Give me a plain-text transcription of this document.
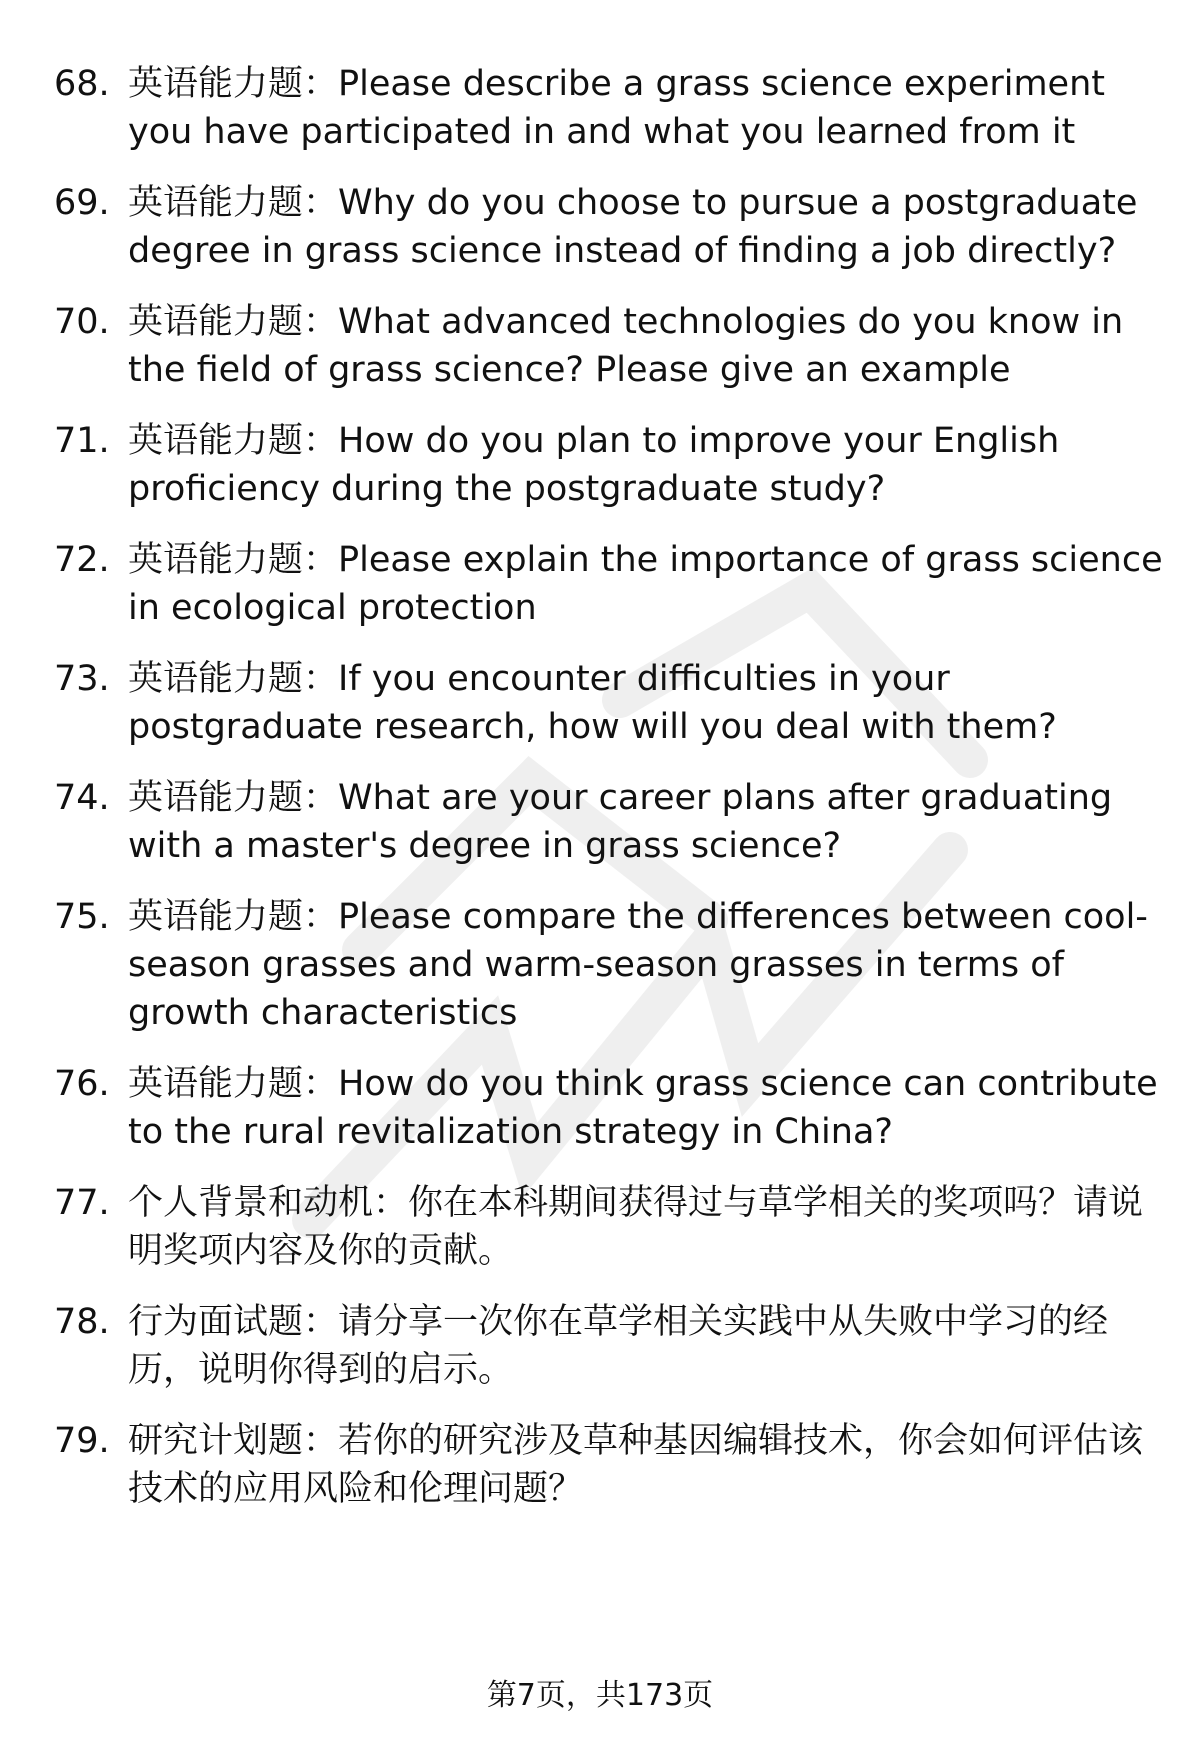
68. 英语能力题：Please describe a grass science experiment you have participated in and what you learned from it
69. 英语能力题：Why do you choose to pursue a postgraduate degree in grass science instead of finding a job directly?
70. 英语能力题：What advanced technologies do you know in the field of grass science? Please give an example
71. 英语能力题：How do you plan to improve your English proficiency during the postgraduate study?
72. 英语能力题：Please explain the importance of grass science in ecological protection
73. 英语能力题：If you encounter difficulties in your postgraduate research, how will you deal with them?
74. 英语能力题：What are your career plans after graduating with a master's degree in grass science?
75. 英语能力题：Please compare the differences between cool-season grasses and warm-season grasses in terms of growth characteristics
76. 英语能力题：How do you think grass science can contribute to the rural revitalization strategy in China?
77. 个人背景和动机：你在本科期间获得过与草学相关的奖项吗？请说明奖项内容及你的贡献。
78. 行为面试题：请分享一次你在草学相关实践中从失败中学习的经历，说明你得到的启示。
79. 研究计划题：若你的研究涉及草种基因编辑技术，你会如何评估该技术的应用风险和伦理问题？
第7页，共173页
